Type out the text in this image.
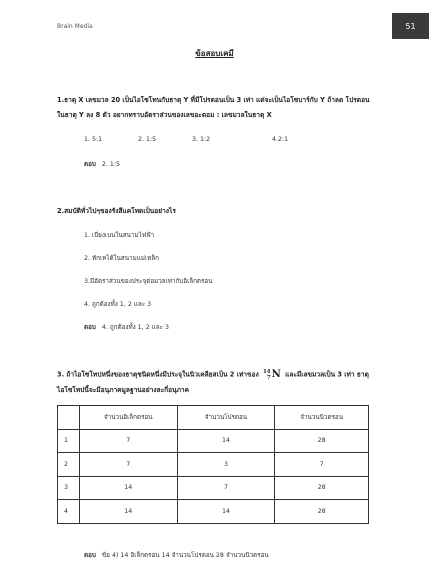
Brain Media	51
ข้อสอบเคมี
1.ธาตุ X เลขมวล 20 เป็นไอโซโทนกับธาตุ Y ที่มีโปรตอนเป็น 3 เท่า แต่จะเป็นไอโซบาร์กับ Y ถ้าลด โปรตอนในธาตุ Y ลง 8 ตัว อยากทราบอัตราส่วนของเลขอะตอม : เลขมวลในธาตุ X
1. 5:1	2. 1:5	3. 1:2	4.2:1
ตอบ 2. 1:5
2.สมบัติทั่วไปๆของรังสีแคโทดเป็นอย่างไร
1. เบี่ยงเบนในสนามไฟฟ้า
2. หักเหได้ในสนามแม่เหล็ก
3.มีอัตราส่วนของประจุต่อมวลเท่ากับอิเล็กตรอน
4. ถูกต้องทั้ง 1, 2 และ 3
ตอบ 4. ถูกต้องทั้ง 1, 2 และ 3
3. ถ้าไอโซโทปหนึ่งของธาตุชนิดหนึ่งมีประจุในนิวเคลียสเป็น 2 เท่าของ 14
7 N และมีเลขมวลเป็น 3 เท่า ธาตุไอโซโทปนี้จะมีอนุภาคมูลฐานอย่างละกี่อนุภาค
	จำนวนอิเล็กตรอน	จำนวนโปรตอน	จำนวนนิวตรอน
1	7	14	28
2	7	3	7
3	14	7	28
4	14	14	28
ตอบ ข้อ 4) 14 อิเล็กตรอน 14 จำนวนโปรตอน 28 จำนวนนิวตรอน
